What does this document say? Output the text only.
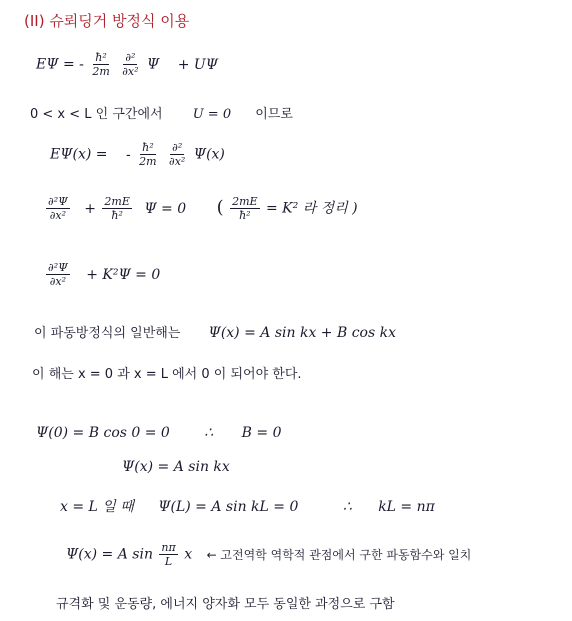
(II) 슈뢰딩거 방정식 이용
EΨ = - $\frac{\text{ħ²}}{2m}$
$\frac{\text{∂²}}{\text{∂x²}}$ Ψ + UΨ
0 < x < L 인 구간에서 U = 0 이므로
EΨ(x) = - $\frac{\text{ħ²}}{2m}$
$\frac{\text{∂²}}{\text{∂x²}} \Psi(x)$
$\frac{\text{∂²Ψ}}{\text{∂x²}} + \frac{2mE}{\text{ħ²}}$ Ψ = 0 ( $\frac{2mE}{\text{ħ²}} = K^2$ 라 정리 )
$\frac{\text{∂²Ψ}}{\text{∂x²}} + K^2\Psi = 0$
이 파동방정식의 일반해는 Ψ(x) = A sin kx + B cos kx
이 해는 x = 0 과 x = L 에서 0 이 되어야 한다.
Ψ(0) = B cos 0 = 0 ∴ B = 0
Ψ(x) = A sin kx
x = L 일 때 Ψ(L) = A sin kL = 0	∴ kL = nπ
Ψ(x) = A $\sin \frac{n\pi}{L}$ x ← 고전역학 역학적 관점에서 구한 파동함수와 일치
규격화 및 운동량, 에너지 양자화 모두 동일한 과정으로 구함
